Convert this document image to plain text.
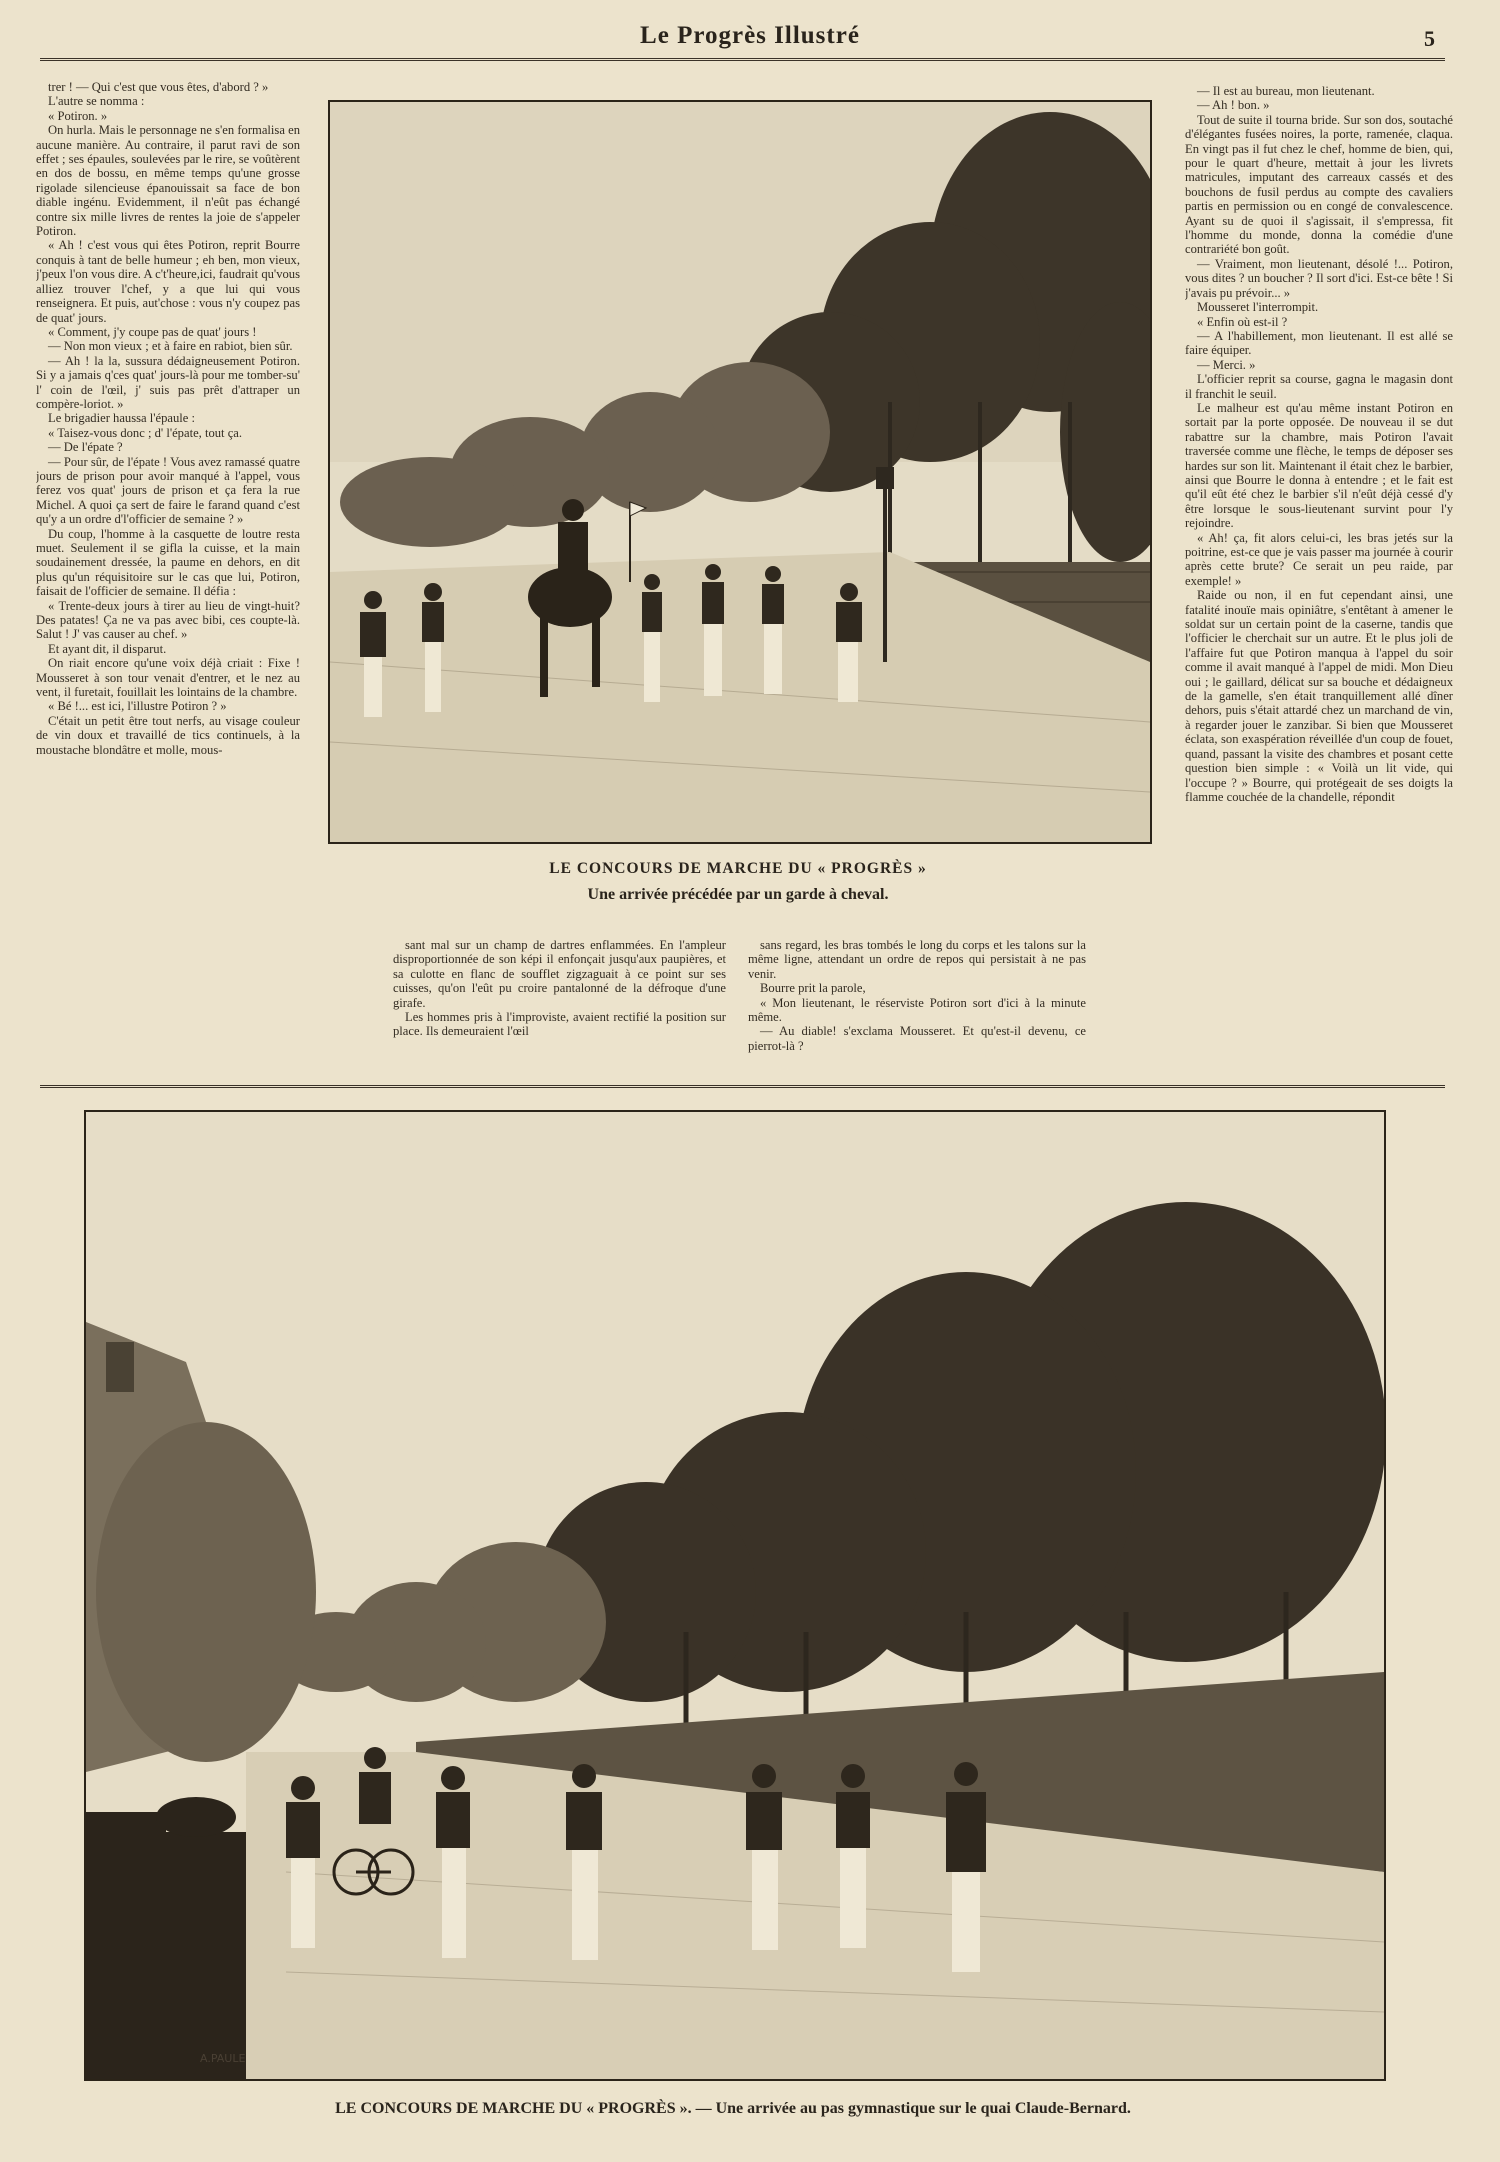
Le Progrès Illustré	5

trer ! — Qui c'est que vous êtes, d'abord ? »

L'autre se nomma :

« Potiron. »

On hurla. Mais le personnage ne s'en formalisa en aucune manière. Au contraire, il parut ravi de son effet ; ses épaules, soulevées par le rire, se voûtèrent en dos de bossu, en même temps qu'une grosse rigolade silencieuse épanouissait sa face de bon diable ingénu. Evidemment, il n'eût pas échangé contre six mille livres de rentes la joie de s'appeler Potiron.

« Ah ! c'est vous qui êtes Potiron, reprit Bourre conquis à tant de belle humeur ; eh ben, mon vieux, j'peux l'on vous dire. A c't'heure,ici, faudrait qu'vous alliez trouver l'chef, y a que lui qui vous renseignera. Et puis, aut'chose : vous n'y coupez pas de quat' jours.

« Comment, j'y coupe pas de quat' jours !

— Non mon vieux ; et à faire en rabiot, bien sûr.

— Ah ! la la, sussura dédaigneusement Potiron. Si y a jamais q'ces quat' jours-là pour me tomber-su' l' coin de l'œil, j' suis pas prêt d'attraper un compère-loriot. »

Le brigadier haussa l'épaule :

« Taisez-vous donc ; d' l'épate, tout ça.

— De l'épate ?

— Pour sûr, de l'épate ! Vous avez ramassé quatre jours de prison pour avoir manqué à l'appel, vous ferez vos quat' jours de prison et ça fera la rue Michel. A quoi ça sert de faire le farand quand c'est qu'y a un ordre d'l'officier de semaine ? »

Du coup, l'homme à la casquette de loutre resta muet. Seulement il se gifla la cuisse, et la main soudainement dressée, la paume en dehors, en dit plus qu'un réquisitoire sur le cas que lui, Potiron, faisait de l'officier de semaine. Il défia :

« Trente-deux jours à tirer au lieu de vingt-huit? Des patates! Ça ne va pas avec bibi, ces coupte-là. Salut ! J' vas causer au chef. »

Et ayant dit, il disparut.

On riait encore qu'une voix déjà criait : Fixe ! Mousseret à son tour venait d'entrer, et le nez au vent, il furetait, fouillait les lointains de la chambre.

« Bé !... est ici, l'illustre Potiron ? »

C'était un petit être tout nerfs, au visage couleur de vin doux et travaillé de tics continuels, à la moustache blondâtre et molle, mous-

LE CONCOURS DE MARCHE DU « PROGRÈS »
Une arrivée précédée par un garde à cheval.

— Il est au bureau, mon lieutenant.

— Ah ! bon. »

Tout de suite il tourna bride. Sur son dos, soutaché d'élégantes fusées noires, la porte, ramenée, claqua. En vingt pas il fut chez le chef, homme de bien, qui, pour le quart d'heure, mettait à jour les livrets matricules, imputant des carreaux cassés et des bouchons de fusil perdus au compte des cavaliers partis en permission ou en congé de convalescence. Ayant su de quoi il s'agissait, il s'empressa, fit l'homme du monde, donna la comédie d'une contrariété bon goût.

— Vraiment, mon lieutenant, désolé !... Potiron, vous dites ? un boucher ? Il sort d'ici. Est-ce bête ! Si j'avais pu prévoir... »

Mousseret l'interrompit.

« Enfin où est-il ?

— A l'habillement, mon lieutenant. Il est allé se faire équiper.

— Merci. »

L'officier reprit sa course, gagna le magasin dont il franchit le seuil.

Le malheur est qu'au même instant Potiron en sortait par la porte opposée. De nouveau il se dut rabattre sur la chambre, mais Potiron l'avait traversée comme une flèche, le temps de déposer ses hardes sur son lit. Maintenant il était chez le barbier, ainsi que Bourre le donna à entendre ; et le fait est qu'il eût été chez le barbier s'il n'eût déjà cessé d'y être lorsque le sous-lieutenant survint pour l'y rejoindre.

« Ah! ça, fit alors celui-ci, les bras jetés sur la poitrine, est-ce que je vais passer ma journée à courir après cette brute? Ce serait un peu raide, par exemple! »

Raide ou non, il en fut cependant ainsi, une fatalité inouïe mais opiniâtre, s'entêtant à amener le soldat sur un certain point de la caserne, tandis que l'officier le cherchait sur un autre. Et le plus joli de l'affaire fut que Potiron manqua à l'appel du soir comme il avait manqué à l'appel de midi. Mon Dieu oui ; le gaillard, délicat sur sa bouche et dédaigneux de la gamelle, s'en était tranquillement allé dîner dehors, puis s'était attardé chez un marchand de vin, à regarder jouer le zanzibar. Si bien que Mousseret éclata, son exaspération réveillée d'un coup de fouet, quand, passant la visite des chambres et posant cette question bien simple : « Voilà un lit vide, qui l'occupe ? » Bourre, qui protégeait de ses doigts la flamme couchée de la chandelle, répondit

sant mal sur un champ de dartres enflammées. En l'ampleur disproportionnée de son képi il enfonçait jusqu'aux paupières, et sa culotte en flanc de soufflet zigzaguait à ce point sur ses cuisses, qu'on l'eût pu croire pantalonné de la défroque d'une girafe.

Les hommes pris à l'improviste, avaient rectifié la position sur place. Ils demeuraient l'œil

sans regard, les bras tombés le long du corps et les talons sur la même ligne, attendant un ordre de repos qui persistait à ne pas venir.

Bourre prit la parole,

« Mon lieutenant, le réserviste Potiron sort d'ici à la minute même.

— Au diable! s'exclama Mousseret. Et qu'est-il devenu, ce pierrot-là ?

A.PAULE
LE CONCOURS DE MARCHE DU « PROGRÈS ». — Une arrivée au pas gymnastique sur le quai Claude-Bernard.
